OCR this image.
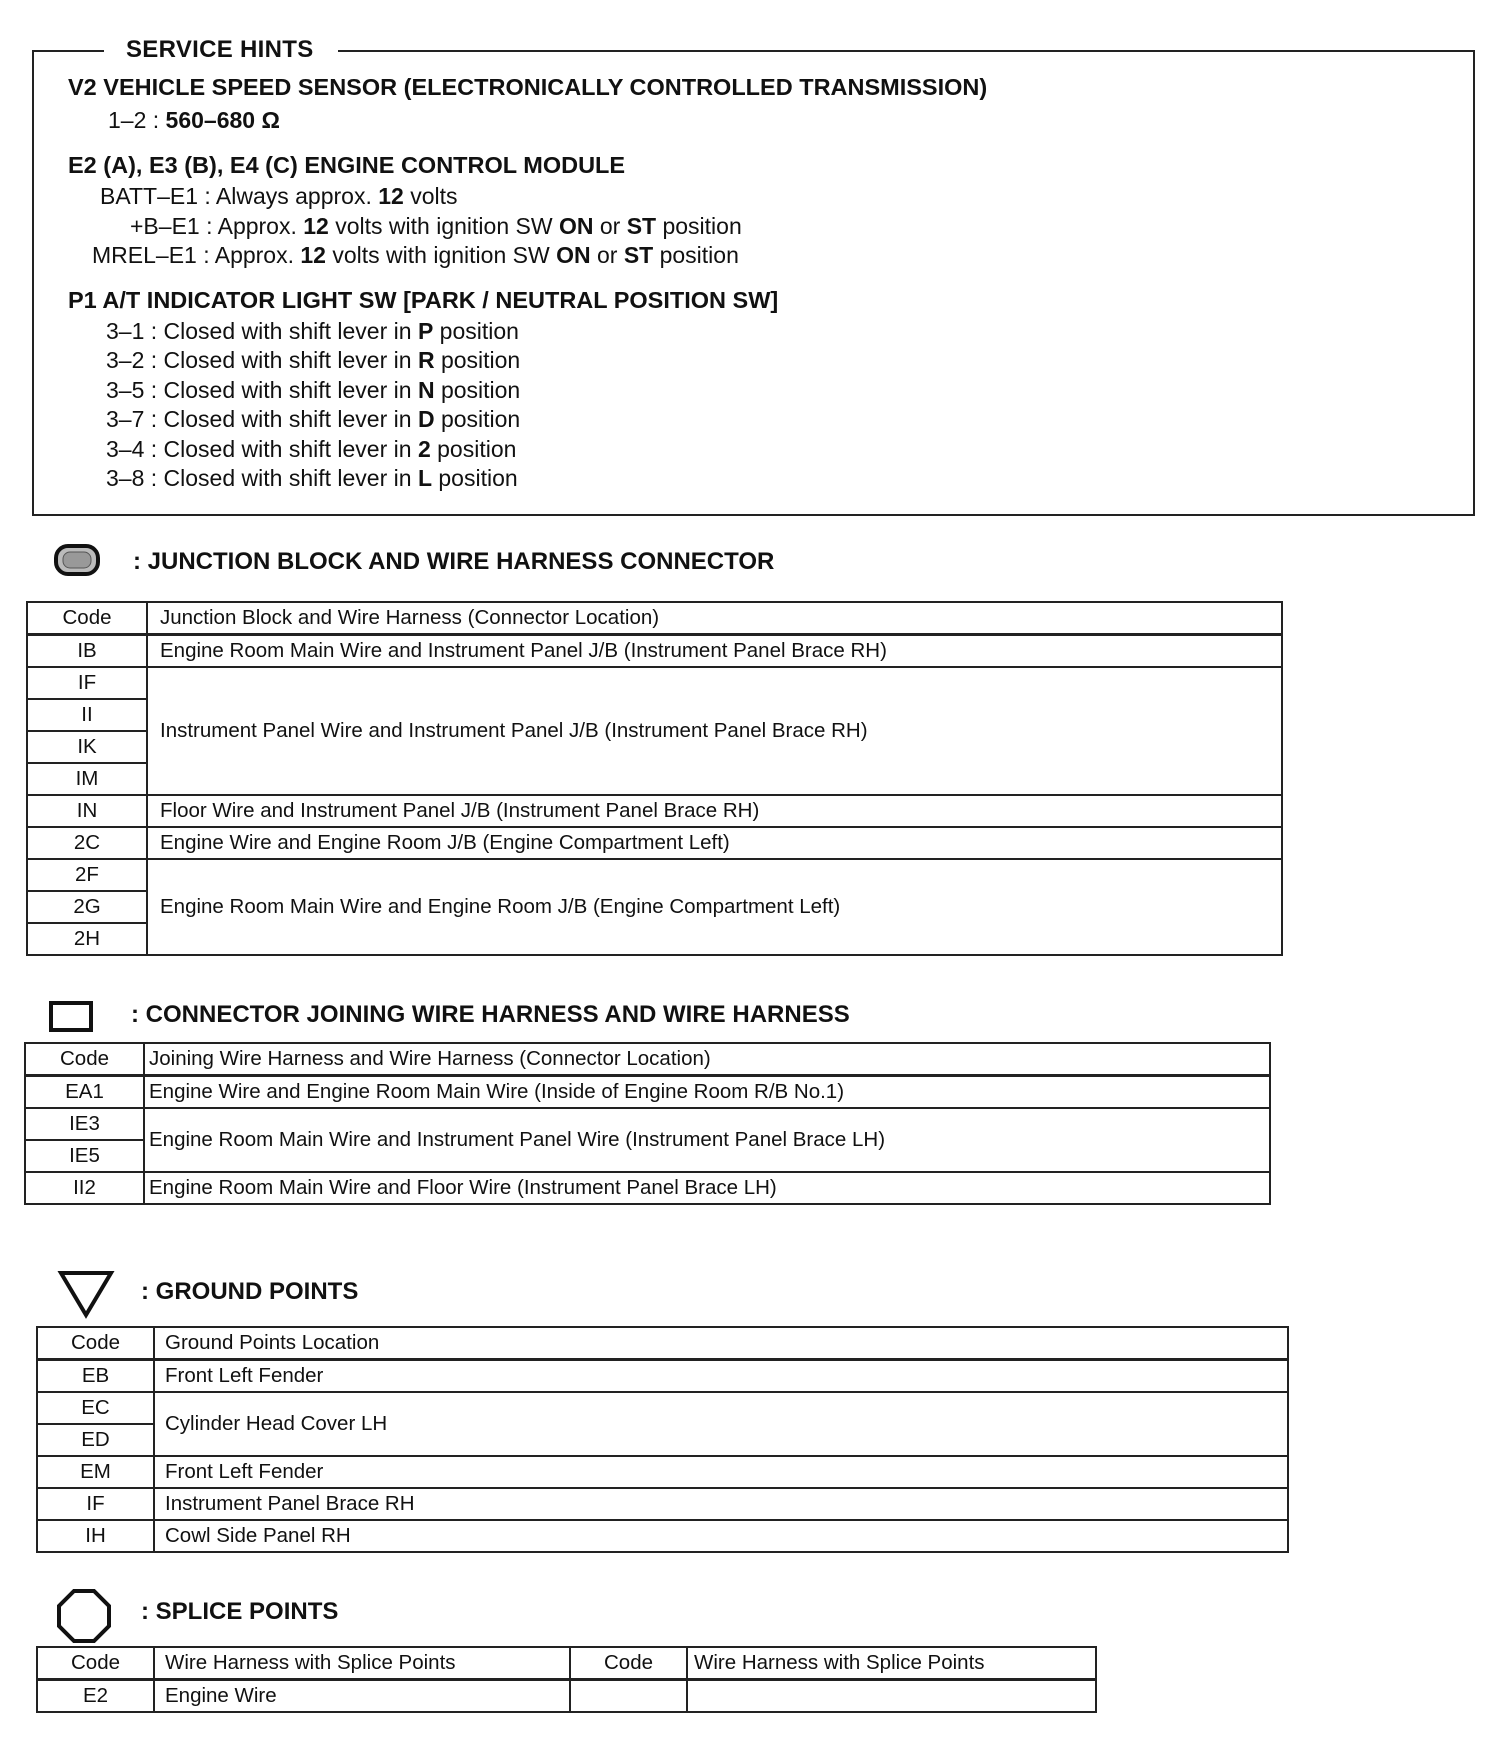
SERVICE HINTS
V2 VEHICLE SPEED SENSOR (ELECTRONICALLY CONTROLLED TRANSMISSION)
1–2 : 560–680 Ω
E2 (A), E3 (B), E4 (C) ENGINE CONTROL MODULE
BATT–E1 : Always approx. 12 volts
+B–E1 : Approx. 12 volts with ignition SW ON or ST position
MREL–E1 : Approx. 12 volts with ignition SW ON or ST position
P1 A/T INDICATOR LIGHT SW [PARK / NEUTRAL POSITION SW]
3–1 : Closed with shift lever in P position
3–2 : Closed with shift lever in R position
3–5 : Closed with shift lever in N position
3–7 : Closed with shift lever in D position
3–4 : Closed with shift lever in 2 position
3–8 : Closed with shift lever in L position
: JUNCTION BLOCK AND WIRE HARNESS CONNECTOR
Code	Junction Block and Wire Harness (Connector Location)
IB	Engine Room Main Wire and Instrument Panel J/B (Instrument Panel Brace RH)
IF	Instrument Panel Wire and Instrument Panel J/B (Instrument Panel Brace RH)
II	
IK	
IM	
IN	Floor Wire and Instrument Panel J/B (Instrument Panel Brace RH)
2C	Engine Wire and Engine Room J/B (Engine Compartment Left)
2F	Engine Room Main Wire and Engine Room J/B (Engine Compartment Left)
2G	
2H	
: CONNECTOR JOINING WIRE HARNESS AND WIRE HARNESS
Code	Joining Wire Harness and Wire Harness (Connector Location)
EA1	Engine Wire and Engine Room Main Wire (Inside of Engine Room R/B No.1)
IE3	Engine Room Main Wire and Instrument Panel Wire (Instrument Panel Brace LH)
IE5	
II2	Engine Room Main Wire and Floor Wire (Instrument Panel Brace LH)
: GROUND POINTS
Code	Ground Points Location
EB	Front Left Fender
EC	Cylinder Head Cover LH
ED	
EM	Front Left Fender
IF	Instrument Panel Brace RH
IH	Cowl Side Panel RH
: SPLICE POINTS
Code	Wire Harness with Splice Points	Code	Wire Harness with Splice Points
E2	Engine Wire		
